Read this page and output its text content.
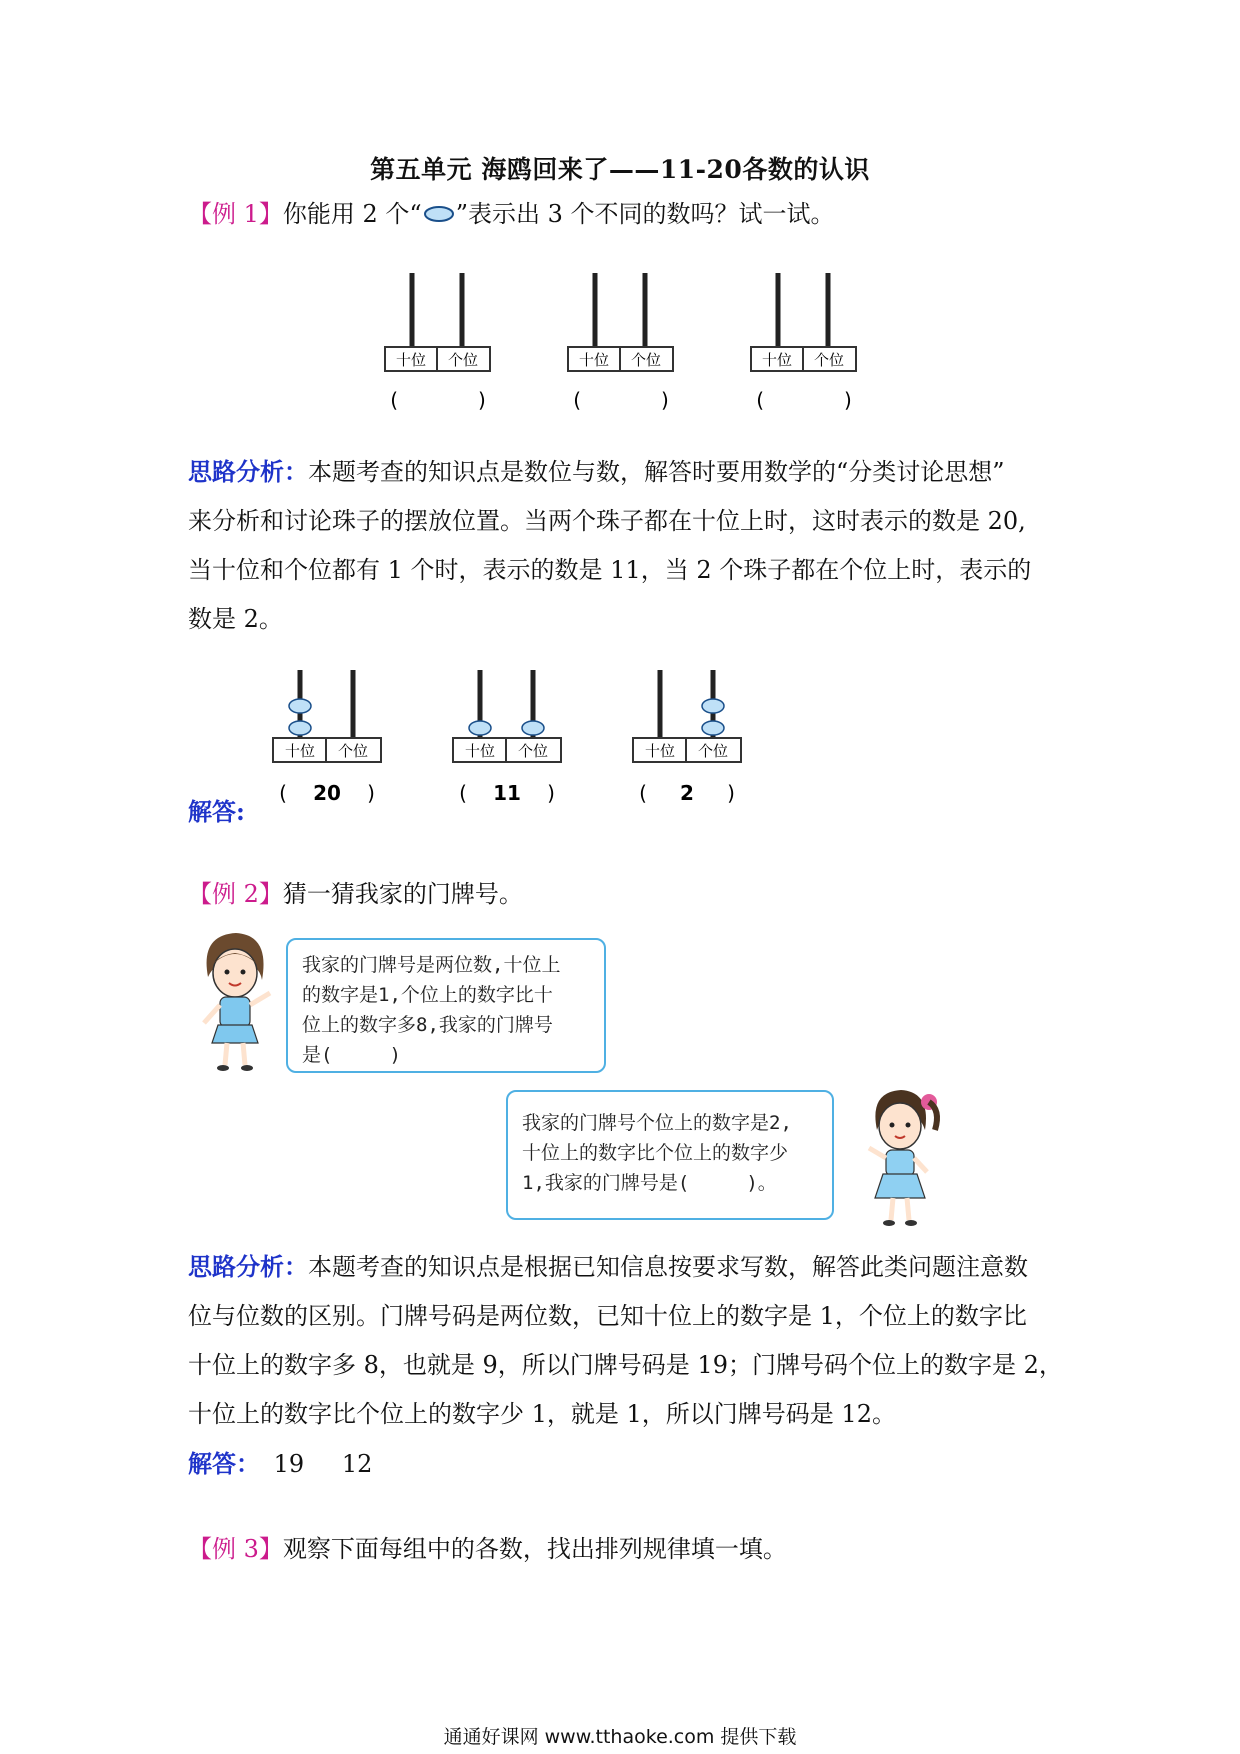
第五单元 海鸥回来了——11-20各数的认识
【例 1】你能用 2 个“ ”表示出 3 个不同的数吗？试一试。
十位 个位
(　　　　)
十位 个位
(　　　　)
十位 个位
(　　　　)
思路分析：本题考查的知识点是数位与数，解答时要用数学的“分类讨论思想”
来分析和讨论珠子的摆放位置。当两个珠子都在十位上时，这时表示的数是 20,
当十位和个位都有 1 个时，表示的数是 11，当 2 个珠子都在个位上时，表示的
数是 2。
解答:
十位 个位
( 20 )
十位 个位
( 11 )
十位 个位
( 2 )
【例 2】猜一猜我家的门牌号。
我家的门牌号是两位数,十位上
的数字是1,个位上的数字比十
位上的数字多8,我家的门牌号
是(　　　)
我家的门牌号个位上的数字是2,
十位上的数字比个位上的数字少
1,我家的门牌号是(　　　)。
思路分析：本题考查的知识点是根据已知信息按要求写数，解答此类问题注意数
位与位数的区别。门牌号码是两位数，已知十位上的数字是 1，个位上的数字比
十位上的数字多 8，也就是 9，所以门牌号码是 19；门牌号码个位上的数字是 2，
十位上的数字比个位上的数字少 1，就是 1，所以门牌号码是 12。
解答： 19 12
【例 3】观察下面每组中的各数，找出排列规律填一填。
通通好课网 www.tthaoke.com 提供下载
